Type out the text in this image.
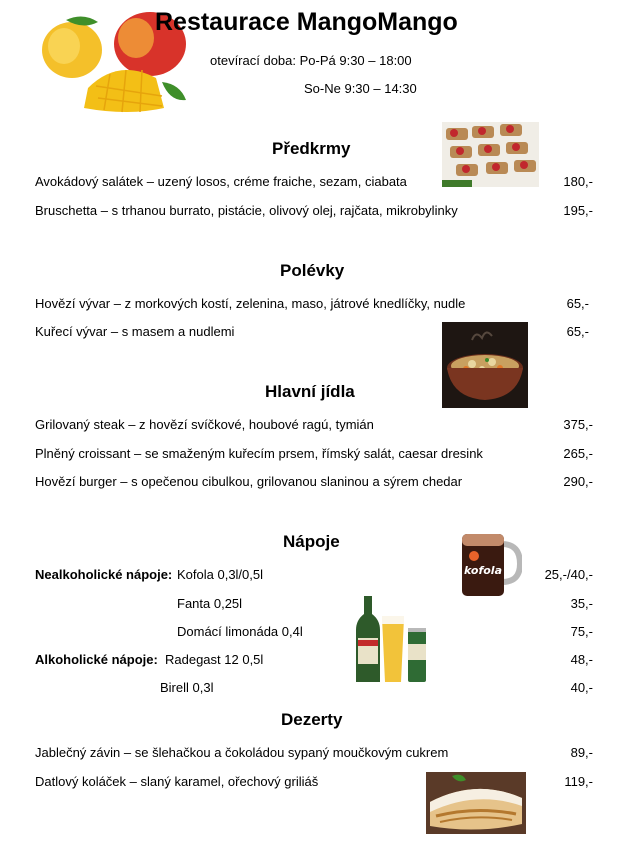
Restaurace MangoMango
otevírací doba: Po-Pá 9:30 – 18:00
So-Ne 9:30 – 14:30
Předkrmy
Avokádový salátek – uzený losos, créme fraiche, sezam, ciabata	180,-
Bruschetta – s trhanou burrato, pistácie, olivový olej, rajčata, mikrobylinky	195,-
Polévky
Hovězí vývar – z morkových kostí, zelenina, maso, játrové knedlíčky, nudle	65,-
Kuřecí vývar – s masem a nudlemi	65,-
Hlavní jídla
Grilovaný steak – z hovězí svíčkové, houbové ragú, tymián	375,-
Plněný croissant – se smaženým kuřecím prsem, římský salát, caesar dresink	265,-
Hovězí burger – s opečenou cibulkou, grilovanou slaninou a sýrem chedar	290,-
Nápoje
kofola
Nealkoholické nápoje: Kofola 0,3l/0,5l	25,-/40,-
Fanta 0,25l	35,-
Domácí limonáda 0,4l	75,-
Alkoholické nápoje: Radegast 12 0,5l	48,-
Birell 0,3l	40,-
Dezerty
Jablečný závin – se šlehačkou a čokoládou sypaný moučkovým cukrem	89,-
Datlový koláček – slaný karamel, ořechový griliáš	119,-
